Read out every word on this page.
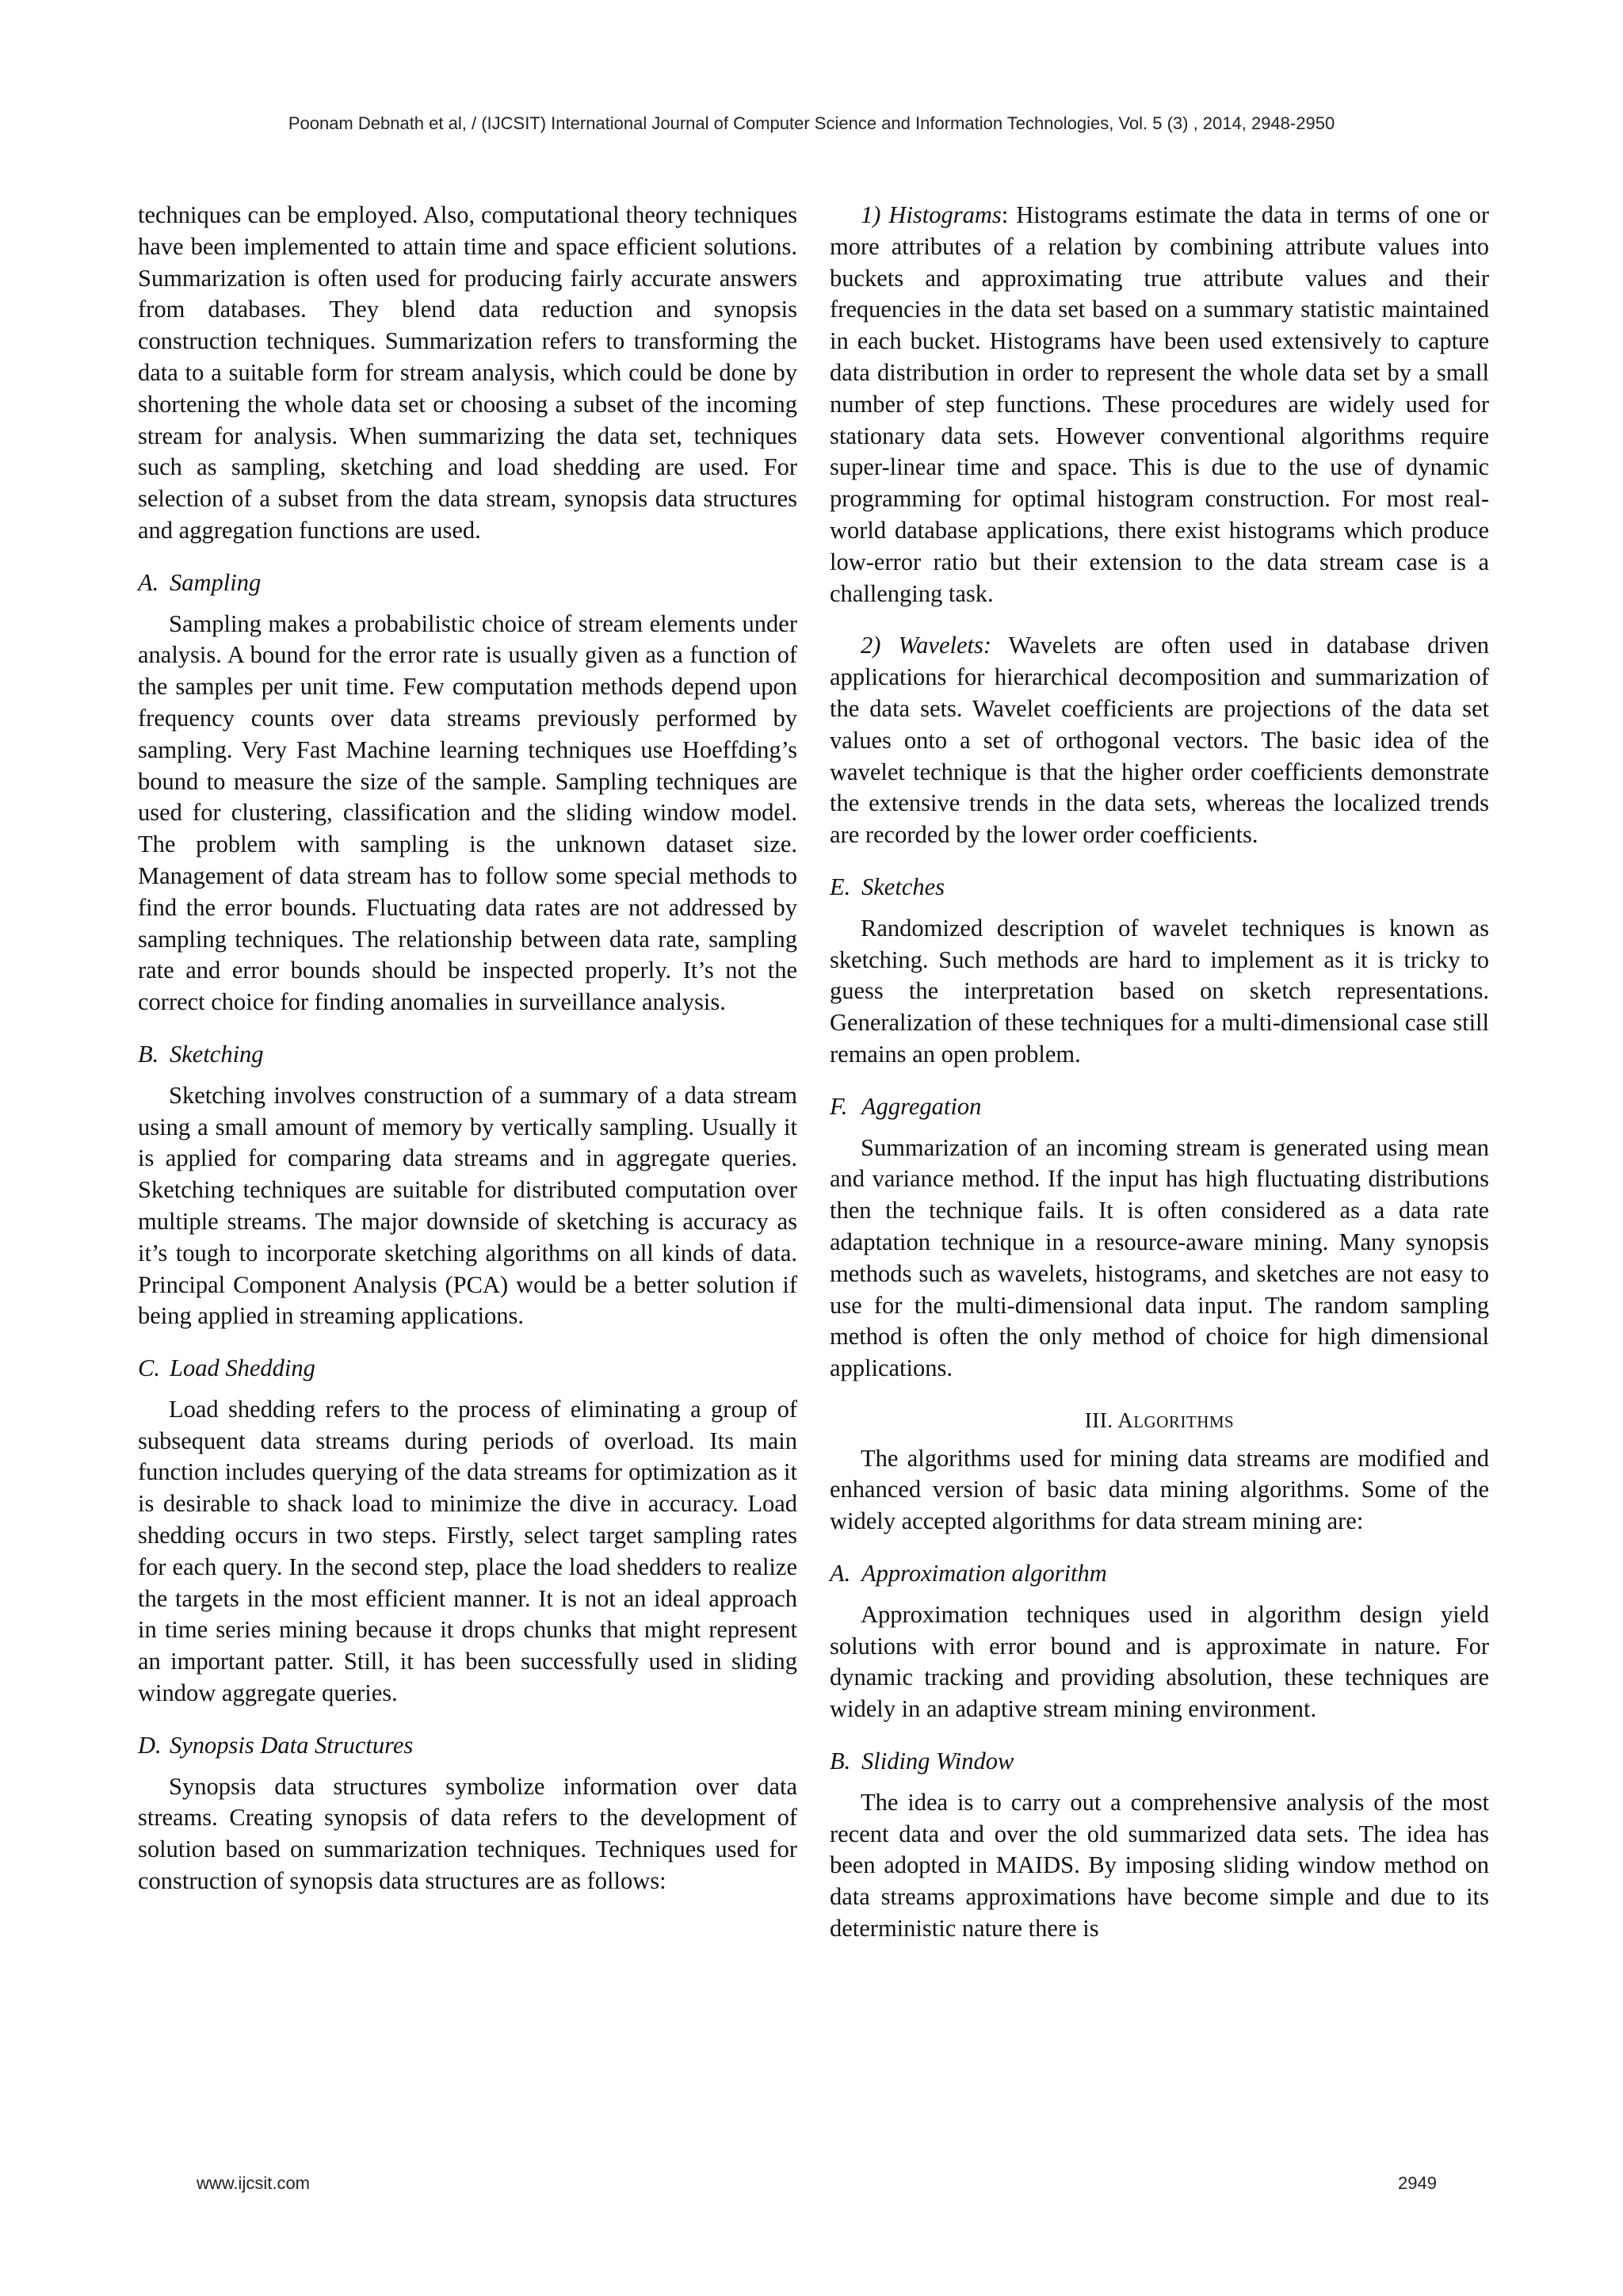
Poonam Debnath et al, / (IJCSIT) International Journal of Computer Science and Information Technologies, Vol. 5 (3) , 2014, 2948-2950

techniques can be employed. Also, computational theory techniques have been implemented to attain time and space efficient solutions. Summarization is often used for producing fairly accurate answers from databases. They blend data reduction and synopsis construction techniques. Summarization refers to transforming the data to a suitable form for stream analysis, which could be done by shortening the whole data set or choosing a subset of the incoming stream for analysis. When summarizing the data set, techniques such as sampling, sketching and load shedding are used. For selection of a subset from the data stream, synopsis data structures and aggregation functions are used.

A. Sampling

Sampling makes a probabilistic choice of stream elements under analysis. A bound for the error rate is usually given as a function of the samples per unit time. Few computation methods depend upon frequency counts over data streams previously performed by sampling. Very Fast Machine learning techniques use Hoeffding’s bound to measure the size of the sample. Sampling techniques are used for clustering, classification and the sliding window model. The problem with sampling is the unknown dataset size. Management of data stream has to follow some special methods to find the error bounds. Fluctuating data rates are not addressed by sampling techniques. The relationship between data rate, sampling rate and error bounds should be inspected properly. It’s not the correct choice for finding anomalies in surveillance analysis.

B. Sketching

Sketching involves construction of a summary of a data stream using a small amount of memory by vertically sampling. Usually it is applied for comparing data streams and in aggregate queries. Sketching techniques are suitable for distributed computation over multiple streams. The major downside of sketching is accuracy as it’s tough to incorporate sketching algorithms on all kinds of data. Principal Component Analysis (PCA) would be a better solution if being applied in streaming applications.

C. Load Shedding

Load shedding refers to the process of eliminating a group of subsequent data streams during periods of overload. Its main function includes querying of the data streams for optimization as it is desirable to shack load to minimize the dive in accuracy. Load shedding occurs in two steps. Firstly, select target sampling rates for each query. In the second step, place the load shedders to realize the targets in the most efficient manner. It is not an ideal approach in time series mining because it drops chunks that might represent an important patter. Still, it has been successfully used in sliding window aggregate queries.

D. Synopsis Data Structures

Synopsis data structures symbolize information over data streams. Creating synopsis of data refers to the development of solution based on summarization techniques. Techniques used for construction of synopsis data structures are as follows:

1) Histograms: Histograms estimate the data in terms of one or more attributes of a relation by combining attribute values into buckets and approximating true attribute values and their frequencies in the data set based on a summary statistic maintained in each bucket. Histograms have been used extensively to capture data distribution in order to represent the whole data set by a small number of step functions. These procedures are widely used for stationary data sets. However conventional algorithms require super-linear time and space. This is due to the use of dynamic programming for optimal histogram construction. For most real-world database applications, there exist histograms which produce low-error ratio but their extension to the data stream case is a challenging task.

2) Wavelets: Wavelets are often used in database driven applications for hierarchical decomposition and summarization of the data sets. Wavelet coefficients are projections of the data set values onto a set of orthogonal vectors. The basic idea of the wavelet technique is that the higher order coefficients demonstrate the extensive trends in the data sets, whereas the localized trends are recorded by the lower order coefficients.

E. Sketches

Randomized description of wavelet techniques is known as sketching. Such methods are hard to implement as it is tricky to guess the interpretation based on sketch representations. Generalization of these techniques for a multi-dimensional case still remains an open problem.

F. Aggregation

Summarization of an incoming stream is generated using mean and variance method. If the input has high fluctuating distributions then the technique fails. It is often considered as a data rate adaptation technique in a resource-aware mining. Many synopsis methods such as wavelets, histograms, and sketches are not easy to use for the multi-dimensional data input. The random sampling method is often the only method of choice for high dimensional applications.

III. ALGORITHMS

The algorithms used for mining data streams are modified and enhanced version of basic data mining algorithms. Some of the widely accepted algorithms for data stream mining are:

A. Approximation algorithm

Approximation techniques used in algorithm design yield solutions with error bound and is approximate in nature. For dynamic tracking and providing absolution, these techniques are widely in an adaptive stream mining environment.

B. Sliding Window

The idea is to carry out a comprehensive analysis of the most recent data and over the old summarized data sets. The idea has been adopted in MAIDS. By imposing sliding window method on data streams approximations have become simple and due to its deterministic nature there is

www.ijcsit.com	2949
